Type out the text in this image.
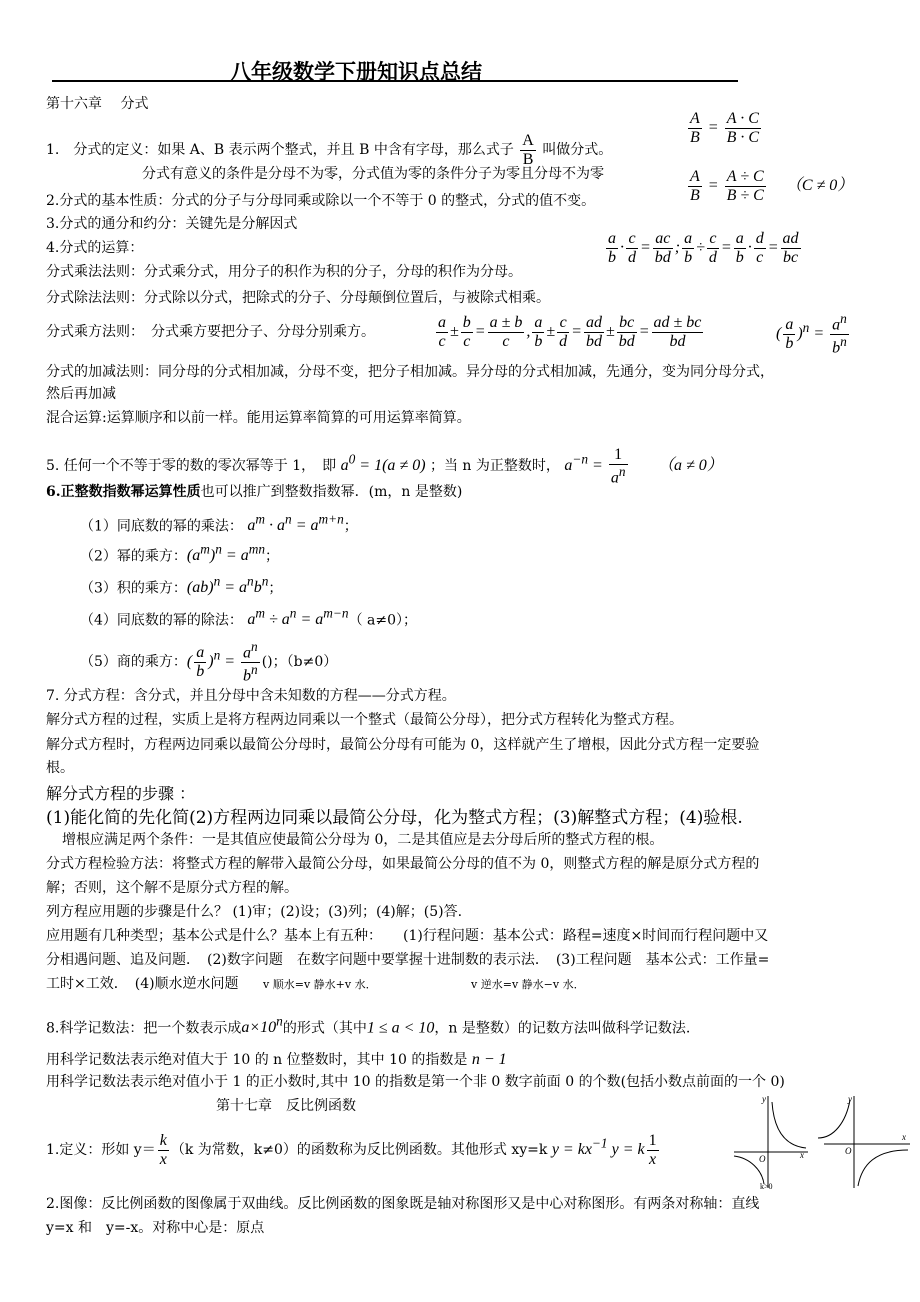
八年级数学下册知识点总结
第十六章　 分式
1.　分式的定义：如果 A、B 表示两个整式，并且 B 中含有字母，那么式子 $\frac{A}{B}$ 叫做分式。
$\frac{A}{B} = \frac{A \cdot C}{B \cdot C}$
分式有意义的条件是分母不为零，分式值为零的条件分子为零且分母不为零	$\frac{A}{B} = \frac{A \div C}{B \div C} (C \ne 0)$
2.分式的基本性质：分式的分子与分母同乘或除以一个不等于 0 的整式，分式的值不变。
3.分式的通分和约分：关键先是分解因式
4.分式的运算：	$\frac{a}{b} \cdot \frac{c}{d} = \frac{ac}{bd}$ ; $\frac{a}{b} \div \frac{c}{d} = \frac{a}{b} \cdot \frac{d}{c} = \frac{ad}{bc}$
分式乘法法则：分式乘分式，用分子的积作为积的分子，分母的积作为分母。
分式除法法则：分式除以分式，把除式的分子、分母颠倒位置后，与被除式相乘。
分式乘方法则：　分式乘方要把分子、分母分别乘方。	$\frac{a}{c} \pm \frac{b}{c} = \frac{a \pm b}{c}$ , $\frac{a}{b} \pm \frac{c}{d} = \frac{ad}{bd} \pm \frac{bc}{bd} = \frac{ad \pm bc}{bd}$	( $\frac{a}{b} )^n = \frac{a^n}{b^n}$
分式的加减法则：同分母的分式相加减，分母不变，把分子相加减。异分母的分式相加减，先通分，变为同分母分式，
然后再加减
混合运算:运算顺序和以前一样。能用运算率简算的可用运算率简算。
5. 任何一个不等于零的数的零次幂等于 1，　即 $a^0 = 1(a \ne 0)$ ；当 n 为正整数时， $a^{-n} = \frac{1}{a^n} (a \ne 0)$
6.正整数指数幂运算性质也可以推广到整数指数幂．(m，n 是整数)
（1）同底数的幂的乘法： $a^m \cdot a^n = a^{m+n}$；
（2）幂的乘方：$(a^m)^n = a^{mn}$；
（3）积的乘方：$(ab)^n = a^nb^n$；
（4）同底数的幂的除法： $a^m \div a^n = a^{m-n}$（ a≠0）；
（5）商的乘方：( $\frac{a}{b} )^n = \frac{a^n}{b^n}$ ()；（b≠0）
7. 分式方程：含分式，并且分母中含未知数的方程——分式方程。
解分式方程的过程，实质上是将方程两边同乘以一个整式（最简公分母），把分式方程转化为整式方程。
解分式方程时，方程两边同乘以最简公分母时，最简公分母有可能为 0，这样就产生了增根，因此分式方程一定要验
根。
解分式方程的步骤 ：
(1)能化简的先化简(2)方程两边同乘以最简公分母，化为整式方程；(3)解整式方程；(4)验根.
增根应满足两个条件：一是其值应使最简公分母为 0，二是其值应是去分母后所的整式方程的根。
分式方程检验方法：将整式方程的解带入最简公分母，如果最简公分母的值不为 0，则整式方程的解是原分式方程的
解；否则，这个解不是原分式方程的解。
列方程应用题的步骤是什么？ (1)审；(2)设；(3)列；(4)解；(5)答.
应用题有几种类型；基本公式是什么？基本上有五种：　　(1)行程问题：基本公式：路程=速度×时间而行程问题中又
分相遇问题、追及问题．　(2)数字问题　在数字问题中要掌握十进制数的表示法．　(3)工程问题　基本公式：工作量=
工时×工效．　(4)顺水逆水问题 v 顺水=v 静水+v 水．	v 逆水=v 静水−v 水．
8.科学记数法：把一个数表示成$a\times 10^n$的形式（其中1 ≤ a < 10，n 是整数）的记数方法叫做科学记数法.
用科学记数法表示绝对值大于 10 的 n 位整数时，其中 10 的指数是 n − 1
用科学记数法表示绝对值小于 1 的正小数时,其中 10 的指数是第一个非 0 数字前面 0 的个数(包括小数点前面的一个 0)
第十七章　反比例函数
1.定义：形如 $y= \frac{k}{x} (k$ 为常数，k≠0）的函数称为反比例函数。其他形式 xy=k $y = kx^{-1}$ y = k $\frac{1}{x}$
y
x
O
k>0
y
x
O
2.图像：反比例函数的图像属于双曲线。反比例函数的图象既是轴对称图形又是中心对称图形。有两条对称轴：直线
y=x 和　y=-x。对称中心是：原点
